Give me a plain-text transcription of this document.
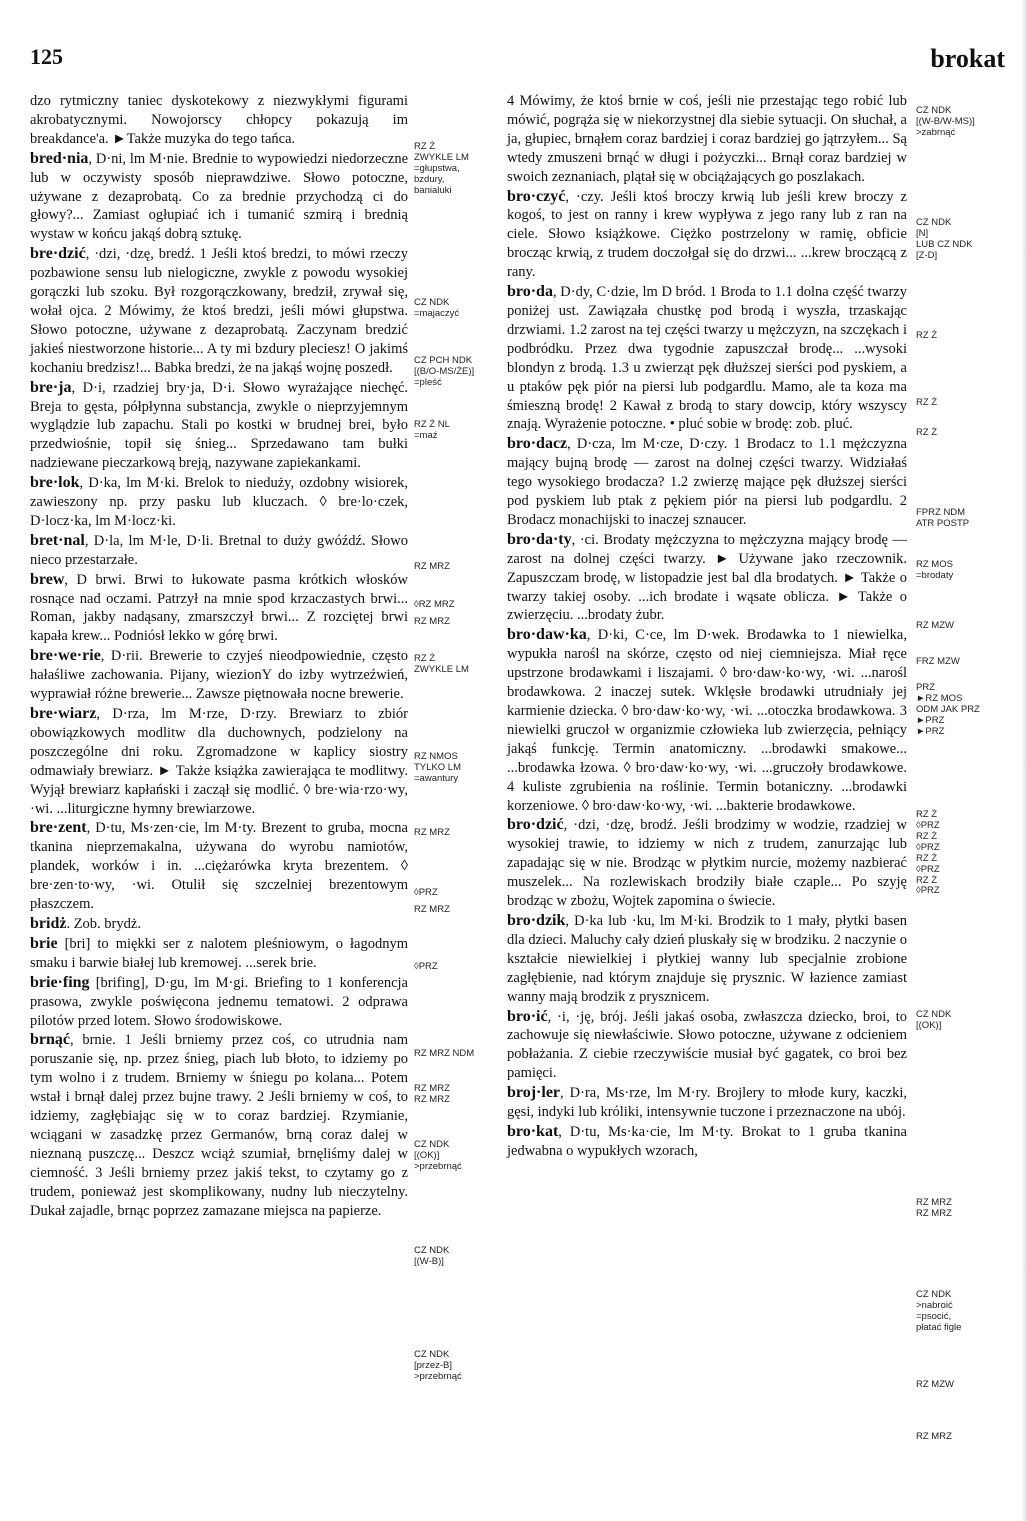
125	brokat

dzo rytmiczny taniec dyskotekowy z niezwykłymi figurami akrobatycznymi. Nowojorscy chłopcy pokazują im breakdance'a. ►Także muzyka do tego tańca.

bred·nia, D·ni, lm M·nie. Brednie to wypowiedzi niedorzeczne lub w oczywisty sposób nieprawdziwe. Słowo potoczne, używane z dezaprobatą. Co za brednie przychodzą ci do głowy?... Zamiast ogłupiać ich i tumanić szmirą i brednią wystaw w końcu jakąś dobrą sztukę.

bre·dzić, ·dzi, ·dzę, bredź. 1 Jeśli ktoś bredzi, to mówi rzeczy pozbawione sensu lub nielogiczne, zwykle z powodu wysokiej gorączki lub szoku. Był rozgorączkowany, bredził, zrywał się, wołał ojca. 2 Mówimy, że ktoś bredzi, jeśli mówi głupstwa. Słowo potoczne, używane z dezaprobatą. Zaczynam bredzić jakieś niestworzone historie... A ty mi bzdury pleciesz! O jakimś kochaniu bredzisz!... Babka bredzi, że na jakąś wojnę poszedł.

bre·ja, D·i, rzadziej bry·ja, D·i. Słowo wyrażające niechęć. Breja to gęsta, półpłynna substancja, zwykle o nieprzyjemnym wyglądzie lub zapachu. Stali po kostki w brudnej brei, było przedwiośnie, topił się śnieg... Sprzedawano tam bułki nadziewane pieczarkową breją, nazywane zapiekankami.

bre·lok, D·ka, lm M·ki. Brelok to nieduży, ozdobny wisiorek, zawieszony np. przy pasku lub kluczach. ◊ bre·lo·czek, D·locz·ka, lm M·locz·ki.

bret·nal, D·la, lm M·le, D·li. Bretnal to duży gwóźdź. Słowo nieco przestarzałe.

brew, D brwi. Brwi to łukowate pasma krótkich włosków rosnące nad oczami. Patrzył na mnie spod krzaczastych brwi... Roman, jakby nadąsany, zmarszczył brwi... Z rozciętej brwi kapała krew... Podniósł lekko w górę brwi.

bre·we·rie, D·rii. Brewerie to czyjeś nieodpowiednie, często hałaśliwe zachowania. Pijany, wiezionY do izby wytrzeźwień, wyprawiał różne brewerie... Zawsze piętnowała nocne brewerie.

bre·wiarz, D·rza, lm M·rze, D·rzy. Brewiarz to zbiór obowiązkowych modlitw dla duchownych, podzielony na poszczególne dni roku. Zgromadzone w kaplicy siostry odmawiały brewiarz. ► Także książka zawierająca te modlitwy. Wyjął brewiarz kapłański i zaczął się modlić. ◊ bre·wia·rzo·wy, ·wi. ...liturgiczne hymny brewiarzowe.

bre·zent, D·tu, Ms·zen·cie, lm M·ty. Brezent to gruba, mocna tkanina nieprzemakalna, używana do wyrobu namiotów, plandek, worków i in. ...ciężarówka kryta brezentem. ◊ bre·zen·to·wy, ·wi. Otulił się szczelniej brezentowym płaszczem.

bridż. Zob. brydż.

brie [bri] to miękki ser z nalotem pleśniowym, o łagodnym smaku i barwie białej lub kremowej. ...serek brie.

brie·fing [brifing], D·gu, lm M·gi. Briefing to 1 konferencja prasowa, zwykle poświęcona jednemu tematowi. 2 odprawa pilotów przed lotem. Słowo środowiskowe.

brnąć, brnie. 1 Jeśli brniemy przez coś, co utrudnia nam poruszanie się, np. przez śnieg, piach lub błoto, to idziemy po tym wolno i z trudem. Brniemy w śniegu po kolana... Potem wstał i brnął dalej przez bujne trawy. 2 Jeśli brniemy w coś, to idziemy, zagłębiając się w to coraz bardziej. Rzymianie, wciągani w zasadzkę przez Germanów, brną coraz dalej w nieznaną puszczę... Deszcz wciąż szumiał, brnęliśmy dalej w ciemność. 3 Jeśli brniemy przez jakiś tekst, to czytamy go z trudem, ponieważ jest skomplikowany, nudny lub nieczytelny. Dukał zajadle, brnąc poprzez zamazane miejsca na papierze.

4 Mówimy, że ktoś brnie w coś, jeśli nie przestając tego robić lub mówić, pogrąża się w niekorzystnej dla siebie sytuacji. On słuchał, a ja, głupiec, brnąłem coraz bardziej i coraz bardziej go jątrzyłem... Są wtedy zmuszeni brnąć w długi i pożyczki... Brnął coraz bardziej w swoich zeznaniach, plątał się w obciążających go poszlakach.

bro·czyć, ·czy. Jeśli ktoś broczy krwią lub jeśli krew broczy z kogoś, to jest on ranny i krew wypływa z jego rany lub z ran na ciele. Słowo książkowe. Ciężko postrzelony w ramię, obficie brocząc krwią, z trudem doczołgał się do drzwi... ...krew broczącą z rany.

bro·da, D·dy, C·dzie, lm D bród. 1 Broda to 1.1 dolna część twarzy poniżej ust. Zawiązała chustkę pod brodą i wyszła, trzaskając drzwiami. 1.2 zarost na tej części twarzy u mężczyzn, na szczękach i podbródku. Przez dwa tygodnie zapuszczał brodę... ...wysoki blondyn z brodą. 1.3 u zwierząt pęk dłuższej sierści pod pyskiem, a u ptaków pęk piór na piersi lub podgardlu. Mamo, ale ta koza ma śmieszną brodę! 2 Kawał z brodą to stary dowcip, który wszyscy znają. Wyrażenie potoczne. • pluć sobie w brodę: zob. pluć.

bro·dacz, D·cza, lm M·cze, D·czy. 1 Brodacz to 1.1 mężczyzna mający bujną brodę — zarost na dolnej części twarzy. Widziałaś tego wysokiego brodacza? 1.2 zwierzę mające pęk dłuższej sierści pod pyskiem lub ptak z pękiem piór na piersi lub podgardlu. 2 Brodacz monachijski to inaczej sznaucer.

bro·da·ty, ·ci. Brodaty mężczyzna to mężczyzna mający brodę — zarost na dolnej części twarzy. ► Używane jako rzeczownik. Zapuszczam brodę, w listopadzie jest bal dla brodatych. ► Także o twarzy takiej osoby. ...ich brodate i wąsate oblicza. ► Także o zwierzęciu. ...brodaty żubr.

bro·daw·ka, D·ki, C·ce, lm D·wek. Brodawka to 1 niewielka, wypukła narośl na skórze, często od niej ciemniejsza. Miał ręce upstrzone brodawkami i liszajami. ◊ bro·daw·ko·wy, ·wi. ...narośl brodawkowa. 2 inaczej sutek. Wklęsłe brodawki utrudniały jej karmienie dziecka. ◊ bro·daw·ko·wy, ·wi. ...otoczka brodawkowa. 3 niewielki gruczoł w organizmie człowieka lub zwierzęcia, pełniący jakąś funkcję. Termin anatomiczny. ...brodawki smakowe... ...brodawka łzowa. ◊ bro·daw·ko·wy, ·wi. ...gruczoły brodawkowe. 4 kuliste zgrubienia na roślinie. Termin botaniczny. ...brodawki korzeniowe. ◊ bro·daw·ko·wy, ·wi. ...bakterie brodawkowe.

bro·dzić, ·dzi, ·dzę, brodź. Jeśli brodzimy w wodzie, rzadziej w wysokiej trawie, to idziemy w nich z trudem, zanurzając lub zapadając się w nie. Brodząc w płytkim nurcie, możemy nazbierać muszelek... Na rozlewiskach brodziły białe czaple... Po szyję brodząc w zbożu, Wojtek zapomina o świecie.

bro·dzik, D·ka lub ·ku, lm M·ki. Brodzik to 1 mały, płytki basen dla dzieci. Maluchy cały dzień pluskały się w brodziku. 2 naczynie o kształcie niewielkiej i płytkiej wanny lub specjalnie zrobione zagłębienie, nad którym znajduje się prysznic. W łazience zamiast wanny mają brodzik z prysznicem.

bro·ić, ·i, ·ję, brój. Jeśli jakaś osoba, zwłaszcza dziecko, broi, to zachowuje się niewłaściwie. Słowo potoczne, używane z odcieniem pobłażania. Z ciebie rzeczywiście musiał być gagatek, co broi bez pamięci.

broj·ler, D·ra, Ms·rze, lm M·ry. Brojlery to młode kury, kaczki, gęsi, indyki lub króliki, intensywnie tuczone i przeznaczone na ubój.

bro·kat, D·tu, Ms·ka·cie, lm M·ty. Brokat to 1 gruba tkanina jedwabna o wypukłych wzorach,

RZ Ż
ZWYKLE LM
=głupstwa,
bzdury,
banialuki
CZ NDK
=majaczyć
CZ PCH NDK
[(B/O-MS/ŻE)]
=pleść
RZ Ż NL
=maź
RZ MRZ
◊RZ MRZ
RZ MRZ
RZ Ż
ZWYKLE LM
RZ NMOS
TYLKO LM
=awantury
RZ MRZ
◊PRZ
RZ MRZ
◊PRZ
RZ MRZ NDM
RZ MRZ
RZ MRZ
CZ NDK
[(OK)]
>przebrnąć
CZ NDK
[(W-B)]
CZ NDK
[przez-B]
>przebrnąć
CZ NDK
[(W-B/W-MS)]
>zabrnąć
CZ NDK
[N]
LUB CZ NDK
[Z-D]
RZ Ż
RZ Ż
RZ Ż
FPRZ NDM
ATR POSTP
RZ MOS
=brodaty
RZ MZW
FRZ MZW
PRZ
►RZ MOS
ODM JAK PRZ
►PRZ
►PRZ
RZ Ż
◊PRZ
RZ Ż
◊PRZ
RZ Ż
◊PRZ
RZ Ż
◊PRZ
CZ NDK
[(OK)]
RZ MRZ
RZ MRZ
CZ NDK
>nabroić
=psocić,
płatać figle
RZ MZW
RZ MRZ
